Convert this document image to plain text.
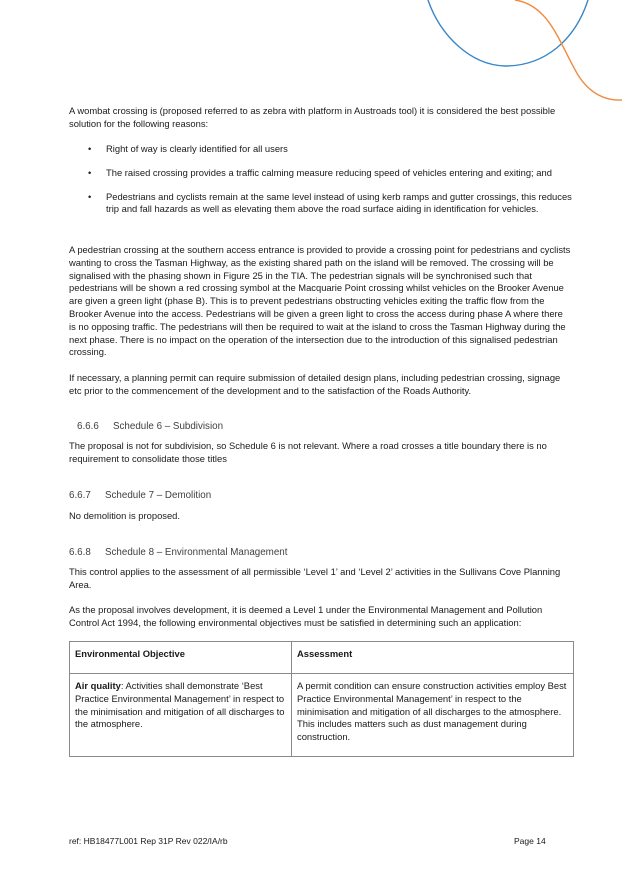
A wombat crossing is (proposed referred to as zebra with platform in Austroads tool) it is considered the best possible solution for the following reasons:

• Right of way is clearly identified for all users
• The raised crossing provides a traffic calming measure reducing speed of vehicles entering and exiting; and
• Pedestrians and cyclists remain at the same level instead of using kerb ramps and gutter crossings, this reduces trip and fall hazards as well as elevating them above the road surface aiding in identification for vehicles.

A pedestrian crossing at the southern access entrance is provided to provide a crossing point for pedestrians and cyclists wanting to cross the Tasman Highway, as the existing shared path on the island will be removed. The crossing will be signalised with the phasing shown in Figure 25 in the TIA. The pedestrian signals will be synchronised such that pedestrians will be shown a red crossing symbol at the Macquarie Point crossing whilst vehicles on the Brooker Avenue are given a green light (phase B). This is to prevent pedestrians obstructing vehicles exiting the traffic flow from the Brooker Avenue into the access. Pedestrians will be given a green light to cross the access during phase A where there is no opposing traffic. The pedestrians will then be required to wait at the island to cross the Tasman Highway during the next phase. There is no impact on the operation of the intersection due to the introduction of this signalised pedestrian crossing.

If necessary, a planning permit can require submission of detailed design plans, including pedestrian crossing, signage etc prior to the commencement of the development and to the satisfaction of the Roads Authority.

6.6.6 Schedule 6 – Subdivision

The proposal is not for subdivision, so Schedule 6 is not relevant. Where a road crosses a title boundary there is no requirement to consolidate those titles

6.6.7 Schedule 7 – Demolition

No demolition is proposed.

6.6.8 Schedule 8 – Environmental Management

This control applies to the assessment of all permissible ‘Level 1’ and ‘Level 2’ activities in the Sullivans Cove Planning Area.

As the proposal involves development, it is deemed a Level 1 under the Environmental Management and Pollution Control Act 1994, the following environmental objectives must be satisfied in determining such an application:

Environmental Objective	Assessment
Air quality: Activities shall demonstrate ‘Best Practice Environmental Management’ in respect to the minimisation and mitigation of all discharges to the atmosphere.	A permit condition can ensure construction activities employ Best Practice Environmental Management’ in respect to the minimisation and mitigation of all discharges to the atmosphere. This includes matters such as dust management during construction.
ref: HB18477L001 Rep 31P Rev 022/IA/rb	Page 14
